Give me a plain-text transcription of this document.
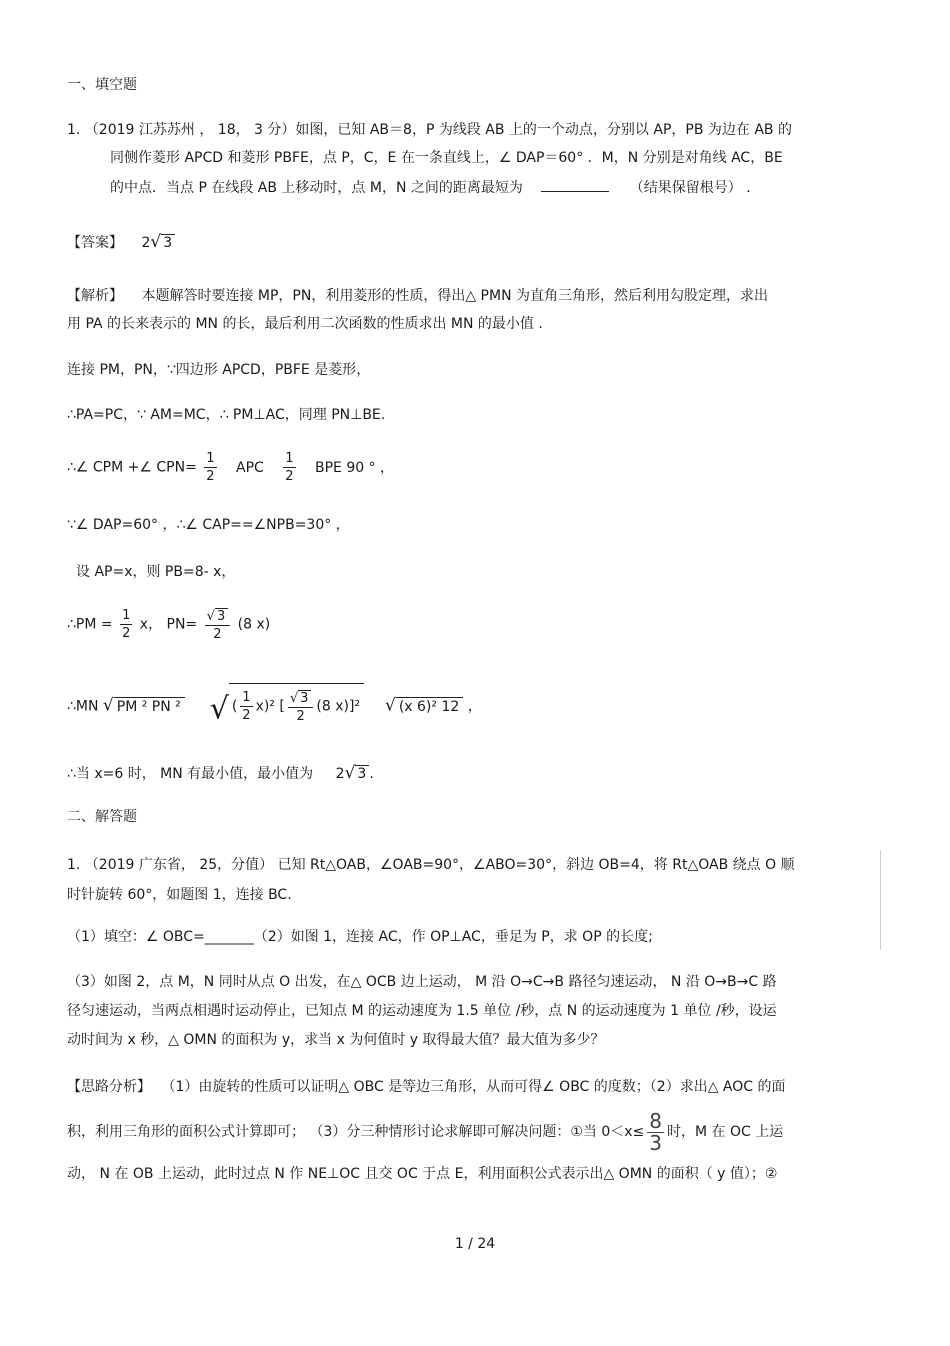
一、填空题
1. （2019 江苏苏州 ， 18， 3 分）如图，已知 AB＝8，P 为线段 AB 上的一个动点，分别以 AP，PB 为边在 AB 的
同侧作菱形 APCD 和菱形 PBFE，点 P，C，E 在一条直线上，∠ DAP＝60° ．M，N 分别是对角线 AC，BE
的中点．当点 P 在线段 AB 上移动时，点 M，N 之间的距离最短为	（结果保留根号） ．
【答案】 2√ 3
【解析】 本题解答时要连接 MP，PN，利用菱形的性质，得出△ PMN 为直角三角形，然后利用勾股定理，求出
用 PA 的长来表示的 MN 的长，最后利用二次函数的性质求出 MN 的最小值 .
连接 PM，PN，∵四边形 APCD，PBFE 是菱形，
∴PA=PC，∵ AM=MC，∴ PM⊥AC，同理 PN⊥BE.
∴∠ CPM +∠ $CPN= \frac{1}{2}$ APC $\frac{1}{2}$ BPE 90 ° ，
∵∠ DAP=60° ，∴∠ CAP==∠NPB=30° ，
设 AP=x，则 PB=8- x，
∴PM = $\frac{1}{2}$ x， $PN= \frac{√ 3}{2} (8$ x)
∴MN √ PM ² PN ² √ ( $\frac{1}{2} x)^2$ [ $\frac{√ 3}{2} (8$ x)]² √ (x 6)² 12 ，
∴当 x=6 时， MN 有最小值，最小值为 2√ 3 .
二、解答题
1. （2019 广东省， 25，分值） 已知 Rt△OAB，∠OAB=90°，∠ABO=30°，斜边 OB=4，将 Rt△OAB 绕点 O 顺
时针旋转 60°，如题图 1，连接 BC.
（1）填空：∠ OBC=_______（2）如图 1，连接 AC，作 OP⊥AC，垂足为 P，求 OP 的长度;
（3）如图 2，点 M，N 同时从点 O 出发，在△ OCB 边上运动， M 沿 O→C→B 路径匀速运动， N 沿 O→B→C 路
径匀速运动，当两点相遇时运动停止，已知点 M 的运动速度为 1.5 单位 /秒，点 N 的运动速度为 1 单位 /秒，设运
动时间为 x 秒，△ OMN 的面积为 y，求当 x 为何值时 y 取得最大值？最大值为多少？
【思路分析】 （1）由旋转的性质可以证明△ OBC 是等边三角形，从而可得∠ OBC 的度数；（2）求出△ AOC 的面
积，利用三角形的面积公式计算即可； （3）分三种情形讨论求解即可解决问题：①当 $0<x\le \frac{8}{3}$ 时，M 在 OC 上运
动， N 在 OB 上运动，此时过点 N 作 NE⊥OC 且交 OC 于点 E，利用面积公式表示出△ OMN 的面积（ y 值）；②
1 / 24
